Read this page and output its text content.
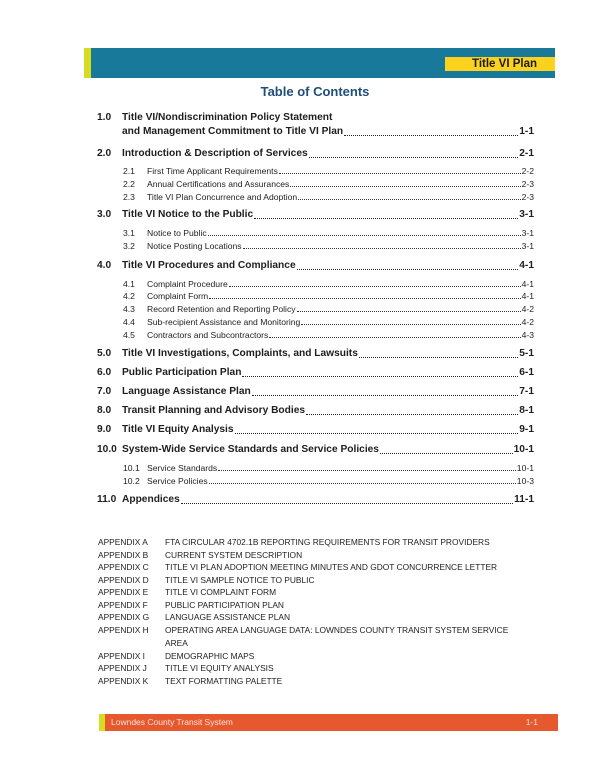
Title VI Plan
Table of Contents
1.0	Title VI/Nondiscrimination Policy Statement
and Management Commitment to Title VI Plan	1-1
2.0	Introduction & Description of Services	2-1
2.1	First Time Applicant Requirements	2-2
2.2	Annual Certifications and Assurances	2-3
2.3	Title VI Plan Concurrence and Adoption	2-3
3.0	Title VI Notice to the Public	3-1
3.1	Notice to Public	3-1
3.2	Notice Posting Locations	3-1
4.0	Title VI Procedures and Compliance	4-1
4.1	Complaint Procedure	4-1
4.2	Complaint Form	4-1
4.3	Record Retention and Reporting Policy	4-2
4.4	Sub-recipient Assistance and Monitoring	4-2
4.5	Contractors and Subcontractors	4-3
5.0	Title VI Investigations, Complaints, and Lawsuits	5-1
6.0	Public Participation Plan	6-1
7.0	Language Assistance Plan	7-1
8.0	Transit Planning and Advisory Bodies	8-1
9.0	Title VI Equity Analysis	9-1
10.0 System-Wide Service Standards and Service Policies	10-1
10.1 Service Standards	10-1
10.2 Service Policies	10-3
11.0 Appendices	11-1
APPENDIX A	FTA CIRCULAR 4702.1B REPORTING REQUIREMENTS FOR TRANSIT PROVIDERS
APPENDIX B	CURRENT SYSTEM DESCRIPTION
APPENDIX C	TITLE VI PLAN ADOPTION MEETING MINUTES AND GDOT CONCURRENCE LETTER
APPENDIX D	TITLE VI SAMPLE NOTICE TO PUBLIC
APPENDIX E	TITLE VI COMPLAINT FORM
APPENDIX F	PUBLIC PARTICIPATION PLAN
APPENDIX G	LANGUAGE ASSISTANCE PLAN
APPENDIX H	OPERATING AREA LANGUAGE DATA: LOWNDES COUNTY TRANSIT SYSTEM SERVICE
AREA
APPENDIX I	DEMOGRAPHIC MAPS
APPENDIX J	TITLE VI EQUITY ANALYSIS
APPENDIX K	TEXT FORMATTING PALETTE
Lowndes County Transit System	1-1
